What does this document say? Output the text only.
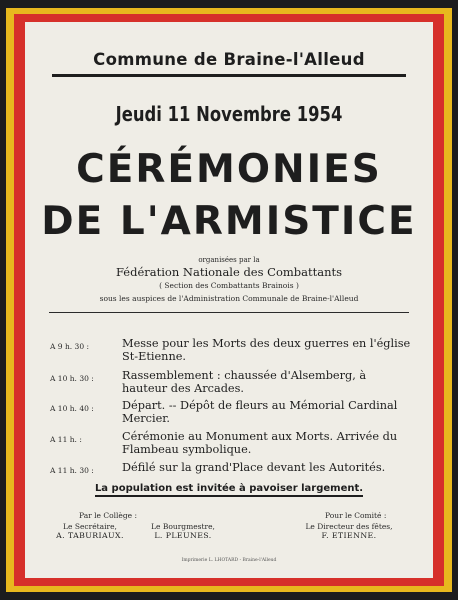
Commune de Braine-l'Alleud
Jeudi 11 Novembre 1954
CÉRÉMONIES
DE L'ARMISTICE
organisées par la
Fédération Nationale des Combattants
( Section des Combattants Brainois )
sous les auspices de l'Administration Communale de Braine-l'Alleud
A 9 h. 30 :	Messe pour les Morts des deux guerres en l'église St-Etienne.
A 10 h. 30 :	Rassemblement : chaussée d'Alsemberg, à hauteur des Arcades.
A 10 h. 40 :	Départ. -- Dépôt de fleurs au Mémorial Cardinal Mercier.
A 11 h. :	Cérémonie au Monument aux Morts. Arrivée du Flambeau symbolique.
A 11 h. 30 :	Défilé sur la grand'Place devant les Autorités.
La population est invitée à pavoiser largement.
Par le Collège :	Pour le Comité :
Le Secrétaire,
A. TABURIAUX.
Le Bourgmestre,
L. PLEUNES.
Le Directeur des fêtes,
F. ETIENNE.
Imprimerie L. LHOTARD - Braine-l'Alleud
